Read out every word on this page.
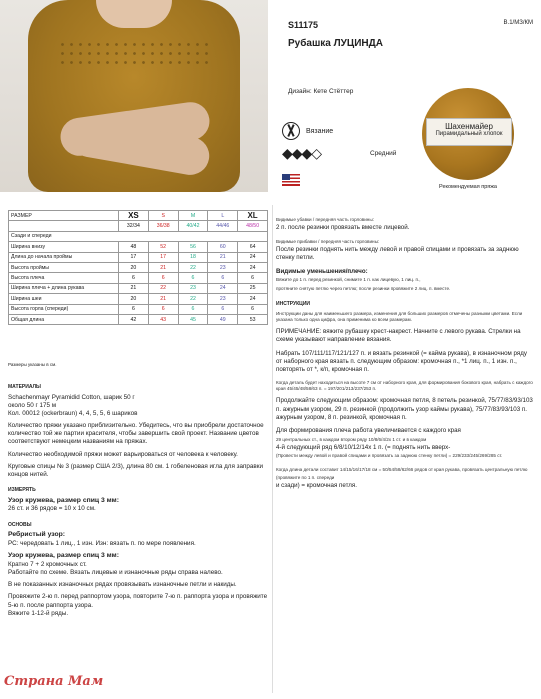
S11175	В.1/МЗ/КМ
Рубашка ЛУЦИНДА
Дизайн: Кете Стёттер
Вязание
◆◆◆◇	Средний
Шахенмайер
Пирамидальный хлопок
Рекомендуемая пряжа
РАЗМЕР	XS	S	M	L	XL
	32/34	36/38	40/42	44/46	48/50
Сзади и спереди					
Ширина внизу	48	52	56	60	64
Длина до начала проймы	17	17	18	21	24
Высота проймы	20	21	22	23	24
Высота плеча	6	6	6	6	6
Ширина плеча + длина рукава	21	22	23	24	25
Ширина шеи	20	21	22	23	24
Высота горла (спереди)	6	6	6	6	6
Общая длина	42	43	45	49	53
Размеры указаны в см.
МАТЕРИАЛЫ

Schachenmayr Pyramidid Cotton, шарик 50 г
около 50 г 175 м
Кол. 00012 (ockerbraun) 4, 4, 5, 5, 6 шариков

Количество пряжи указано приблизительно. Убедитесь, что вы приобрели достаточное количество той же партии красителя, чтобы завершить свой проект. Название цветов соответствуют немецким названиям на пряжах.

Количество необходимой пряжи может варьироваться от человека к человеку.

Круговые спицы № 3 (размер США 2/3), длина 80 см. 1 гобеленовая игла для заправки концов нитей.

ИЗМЕРЯТЬ

Узор кружева, размер спиц 3 мм:
26 ст. и 36 рядов = 10 х 10 см.

ОСНОВЫ

Ребристый узор:
РС: чередовать 1 лиц., 1 изн. Изн: вязать п. по мере появления.

Узор кружева, размер спиц 3 мм:
Кратно 7 + 2 кромочных ст.
Работайте по схеме. Вязать лицевые и изнаночные ряды справа налево.

В не показанных изнаночных рядах провязывать изнаночные петли и накиды.

Провяжите 2-ю п. перед раппортом узора, повторите 7-ю п. раппорта узора и провяжите 5-ю п. после раппорта узора.
Вяжите 1-12-й ряды.

Видимые убавки / передняя часть горловины:
2 п. после резинки провязать вместе лицевой.

Видимые прибавки / передняя часть горловины:
После резинки поднять нить между левой и правой спицами и провязать за заднюю стенку петли.

Видимые уменьшения/плечо:
Вяжите до 1 п. перед резинкой, снимите 1 п. как лицевую, 1 лиц. п.,
протяните снятую петлю через петлю; после резинки провяжите 2 лиц. п. вместе.

ИНСТРУКЦИИ

Инструкции даны для наименьшего размера, изменения для больших размеров отмечены разными цветами. Если указана только одна цифра, она применима ко всем размерам.

ПРИМЕЧАНИЕ: вяжите рубашку крест-накрест. Начните с левого рукава. Стрелки на схеме указывают направление вязания.

Набрать 107/111/117/121/127 п. и вязать резинкой (= кайма рукава), в изнаночном ряду от наборного края вязать п. следующим образом: кромочная п., *1 лиц. п., 1 изн. п., повторять от *, к/п, кромочная п.

Когда деталь будет находиться на высоте 7 см от наборного края, для формирования бокового края, набрать с каждого края 45/45/48/58/63 п. = 197/201/213/237/253 п.

Продолжайте следующим образом: кромочная петля, 8 петель резинкой, 75/77/83/93/103 п. ажурным узором, 29 п. резинкой (продолжить узор каймы рукава), 75/77/83/93/103 п. ажурным узором, 8 п. резинкой, кромочная п.

Для формирования плеча работа увеличивается с каждого края
29 центральных ст., в каждом втором ряду 10/8/6/4/2х 1 ст. и в каждом
4-й следующий ряд 6/8/10/12/14х 1 п. (= поднять нить вверх-
(Провести между левой и правой спицами и провязать за заднюю стенку петли) = 229/233/245/269/285 ст.

Когда длина детали составит 14/15/16/17/18 см = 50/54/58/62/66 рядов от края рукава, провязать центральную петлю (провяжите по 1 п. спереди
и сзади) = кромочная петля.

Страна Мам
